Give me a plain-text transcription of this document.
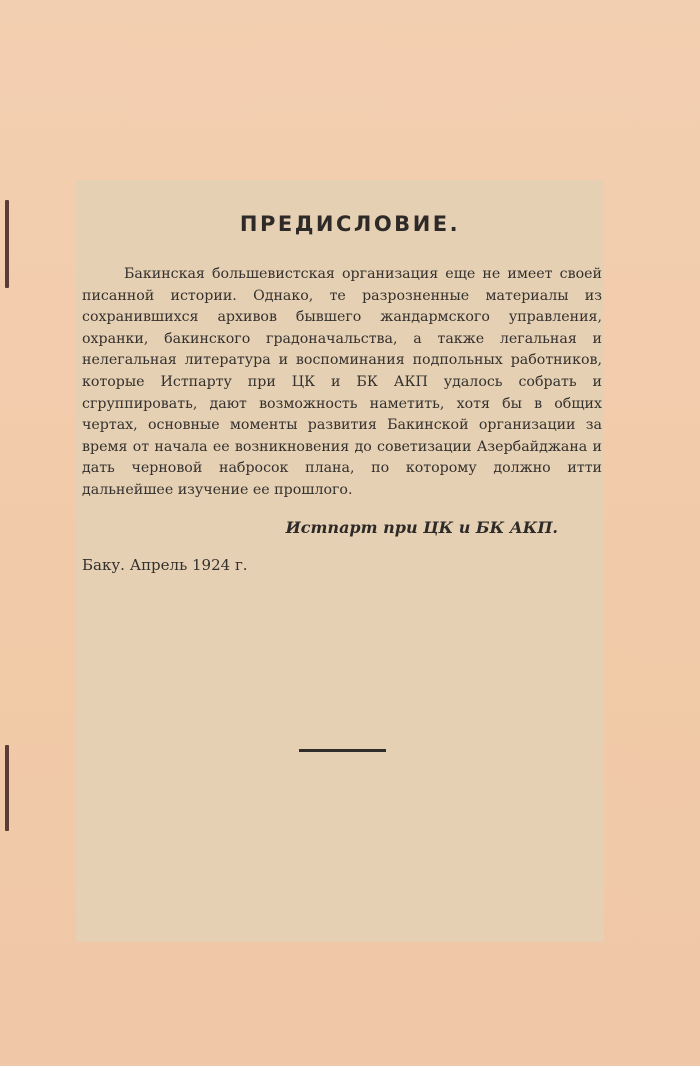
ПРЕДИСЛОВИЕ.

Бакинская большевистская организация еще не имеет своей писанной истории. Однако, те разрозненные материалы из сохранившихся архивов бывшего жандармского управления, охранки, бакинского градоначальства, а также легальная и нелегальная литература и воспоминания подпольных работников, которые Истпарту при ЦК и БК АКП удалось собрать и сгруппировать, дают возможность наметить, хотя бы в общих чертах, основные моменты развития Бакинской организации за время от начала ее возникновения до советизации Азербайджана и дать черновой набросок плана, по которому должно итти дальнейшее изучение ее прошлого.

Истпарт при ЦК и БК АКП.
Баку. Апрель 1924 г.
